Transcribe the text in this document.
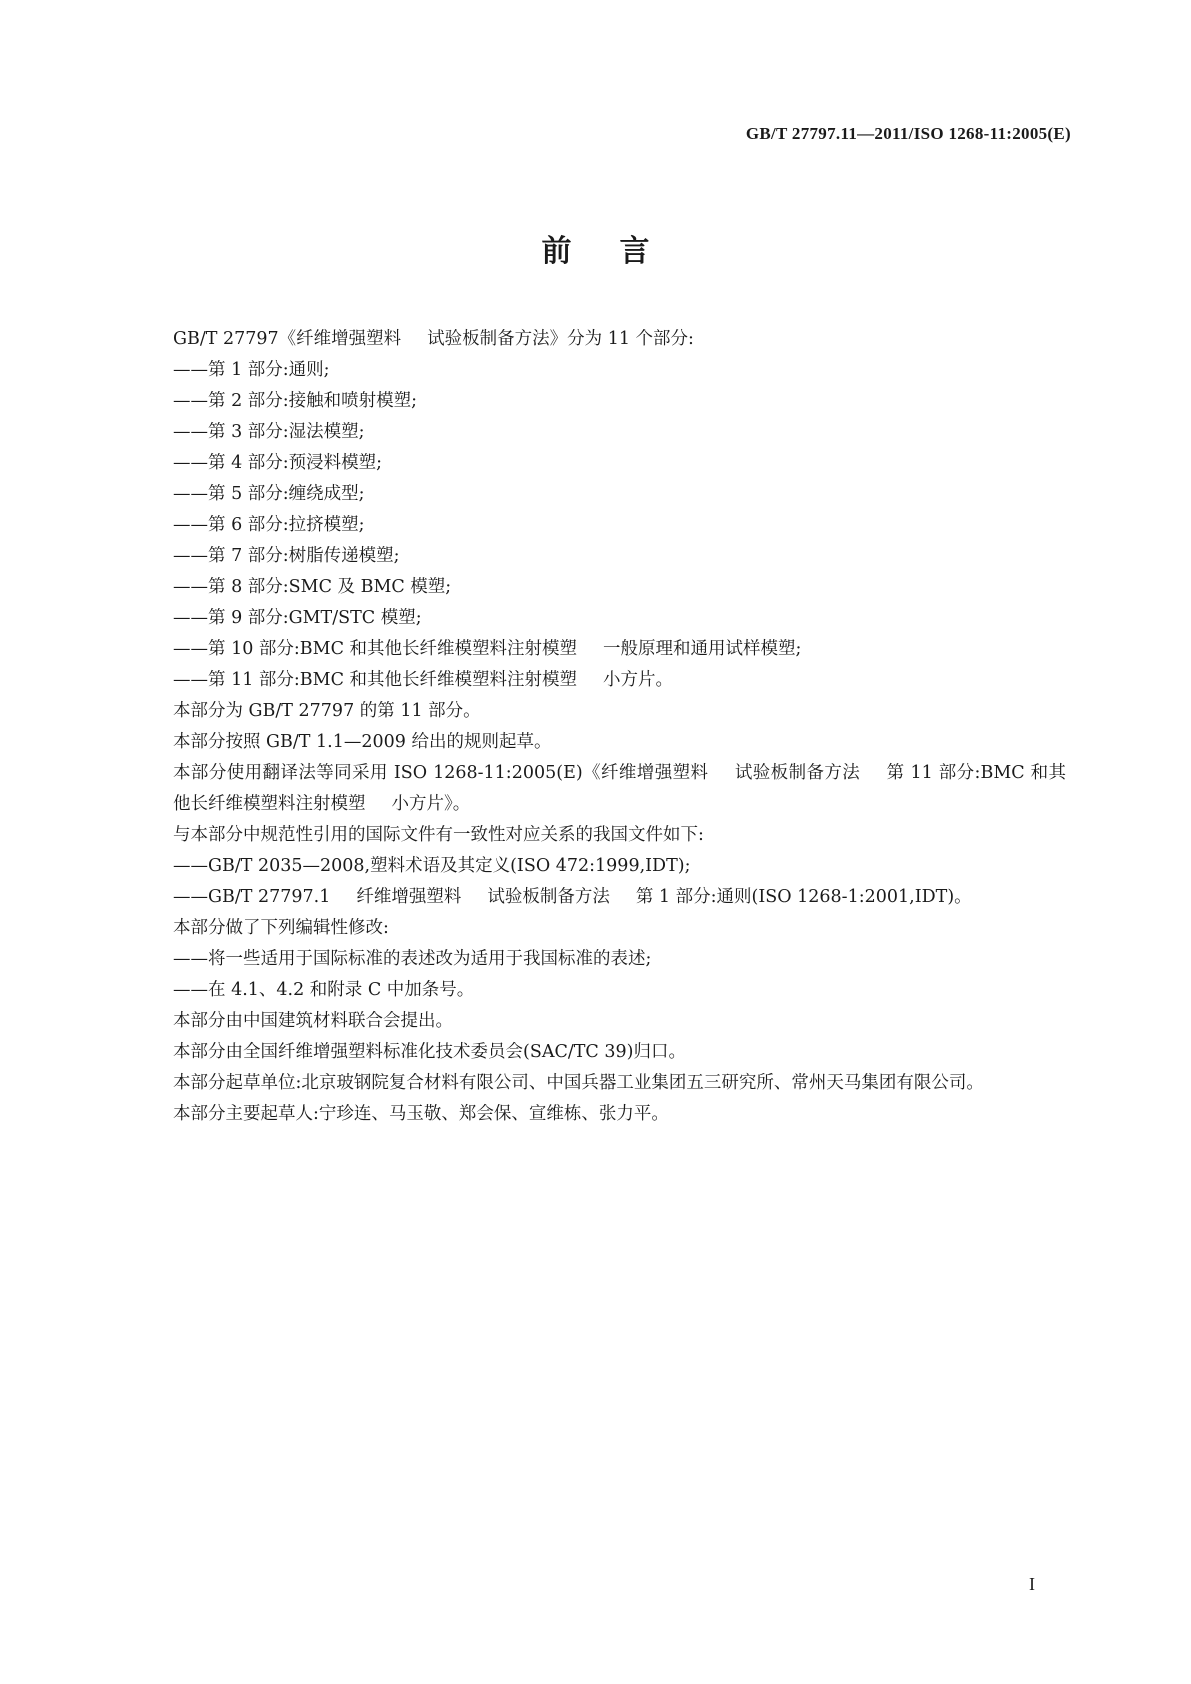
GB/T 27797.11—2011/ISO 1268-11:2005(E)
前言

GB/T 27797《纤维增强塑料 试验板制备方法》分为 11 个部分:

——第 1 部分:通则;

——第 2 部分:接触和喷射模塑;

——第 3 部分:湿法模塑;

——第 4 部分:预浸料模塑;

——第 5 部分:缠绕成型;

——第 6 部分:拉挤模塑;

——第 7 部分:树脂传递模塑;

——第 8 部分:SMC 及 BMC 模塑;

——第 9 部分:GMT/STC 模塑;

——第 10 部分:BMC 和其他长纤维模塑料注射模塑 一般原理和通用试样模塑;

——第 11 部分:BMC 和其他长纤维模塑料注射模塑 小方片。

本部分为 GB/T 27797 的第 11 部分。

本部分按照 GB/T 1.1—2009 给出的规则起草。

本部分使用翻译法等同采用 ISO 1268-11:2005(E)《纤维增强塑料 试验板制备方法 第 11 部分:BMC 和其他长纤维模塑料注射模塑 小方片》。

与本部分中规范性引用的国际文件有一致性对应关系的我国文件如下:

——GB/T 2035—2008,塑料术语及其定义(ISO 472:1999,IDT);

——GB/T 27797.1 纤维增强塑料 试验板制备方法 第 1 部分:通则(ISO 1268-1:2001,IDT)。

本部分做了下列编辑性修改:

——将一些适用于国际标准的表述改为适用于我国标准的表述;

——在 4.1、4.2 和附录 C 中加条号。

本部分由中国建筑材料联合会提出。

本部分由全国纤维增强塑料标准化技术委员会(SAC/TC 39)归口。

本部分起草单位:北京玻钢院复合材料有限公司、中国兵器工业集团五三研究所、常州天马集团有限公司。

本部分主要起草人:宁珍连、马玉敬、郑会保、宣维栋、张力平。

I
